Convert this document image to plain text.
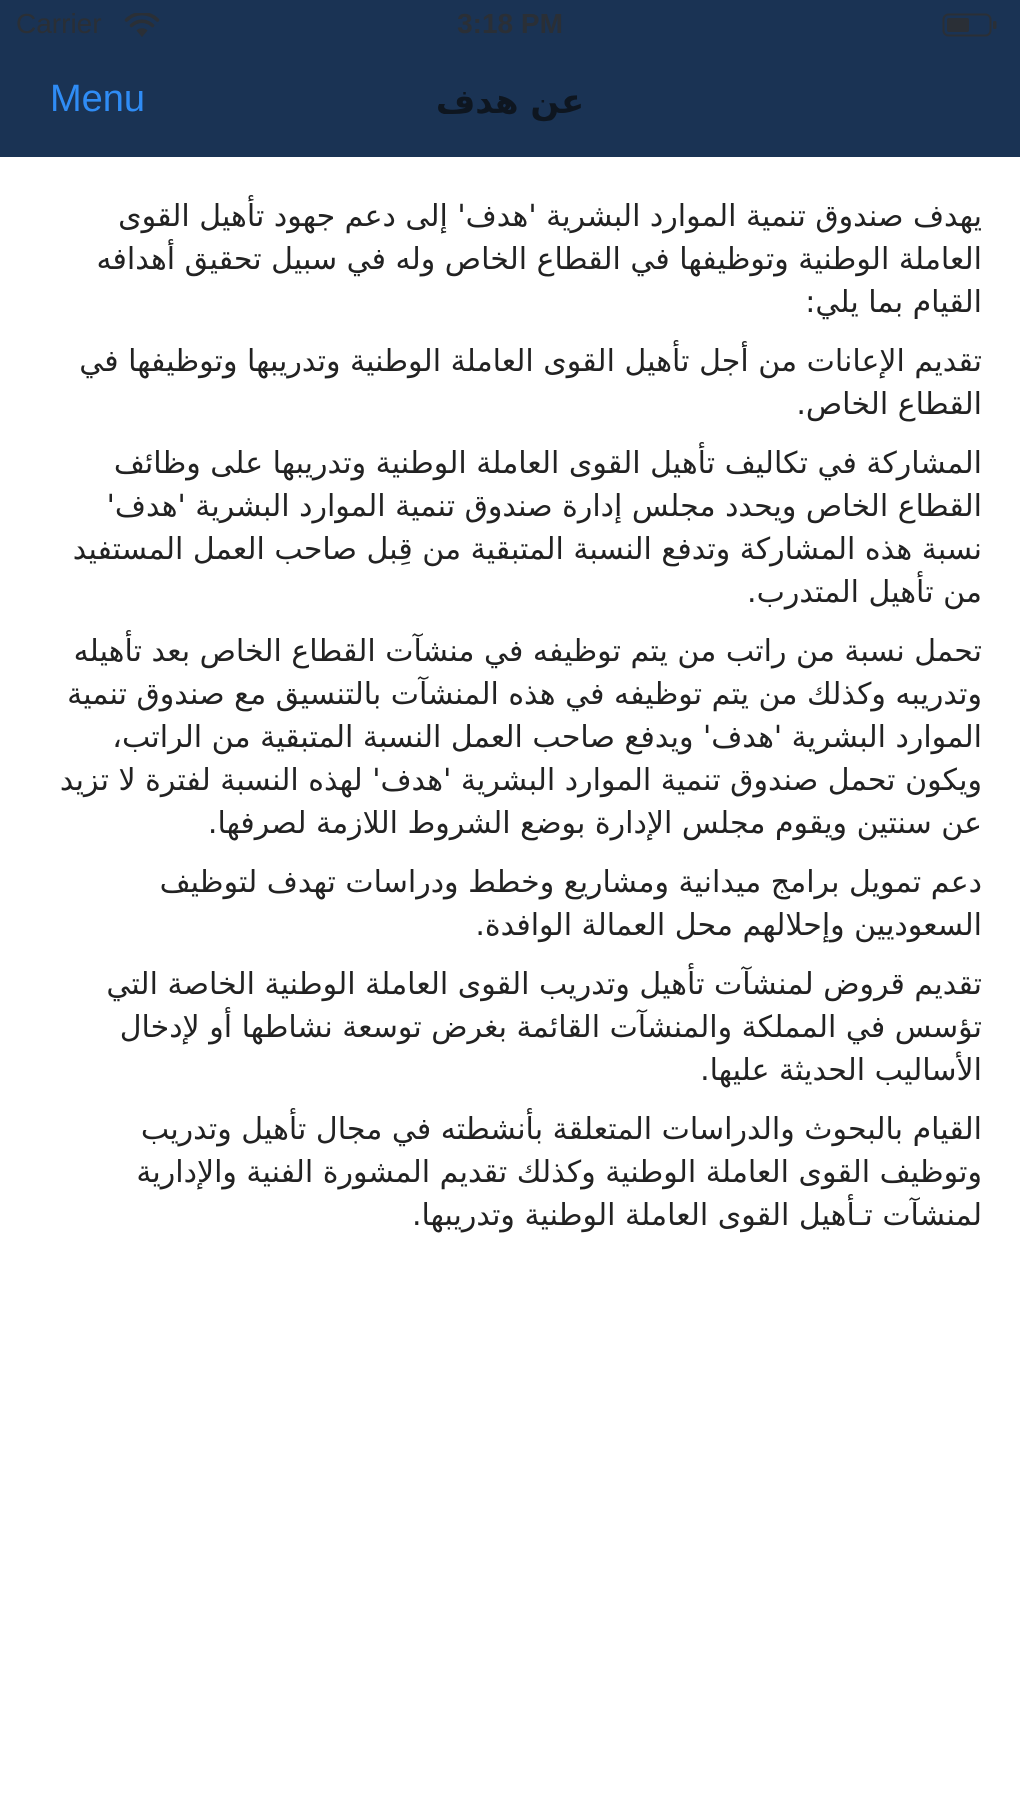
Carrier	3:18 PM
Menu	عن هدف

يهدف صندوق تنمية الموارد البشرية 'هدف' إلى دعم جهود تأهيل القوى العاملة الوطنية وتوظيفها في القطاع الخاص وله في سبيل تحقيق أهدافه القيام بما يلي:

تقديم الإعانات من أجل تأهيل القوى العاملة الوطنية وتدريبها وتوظيفها في القطاع الخاص.

المشاركة في تكاليف تأهيل القوى العاملة الوطنية وتدريبها على وظائف القطاع الخاص ويحدد مجلس إدارة صندوق تنمية الموارد البشرية 'هدف' نسبة هذه المشاركة وتدفع النسبة المتبقية من قِبل صاحب العمل المستفيد من تأهيل المتدرب.

تحمل نسبة من راتب من يتم توظيفه في منشآت القطاع الخاص بعد تأهيله وتدريبه وكذلك من يتم توظيفه في هذه المنشآت بالتنسيق مع صندوق تنمية الموارد البشرية 'هدف' ويدفع صاحب العمل النسبة المتبقية من الراتب، ويكون تحمل صندوق تنمية الموارد البشرية 'هدف' لهذه النسبة لفترة لا تزيد عن سنتين ويقوم مجلس الإدارة بوضع الشروط اللازمة لصرفها.

دعم تمويل برامج ميدانية ومشاريع وخطط ودراسات تهدف لتوظيف السعوديين وإحلالهم محل العمالة الوافدة.

تقديم قروض لمنشآت تأهيل وتدريب القوى العاملة الوطنية الخاصة التي تؤسس في المملكة والمنشآت القائمة بغرض توسعة نشاطها أو لإدخال الأساليب الحديثة عليها.

القيام بالبحوث والدراسات المتعلقة بأنشطته في مجال تأهيل وتدريب وتوظيف القوى العاملة الوطنية وكذلك تقديم المشورة الفنية والإدارية لمنشآت تـأهيل القوى العاملة الوطنية وتدريبها.
